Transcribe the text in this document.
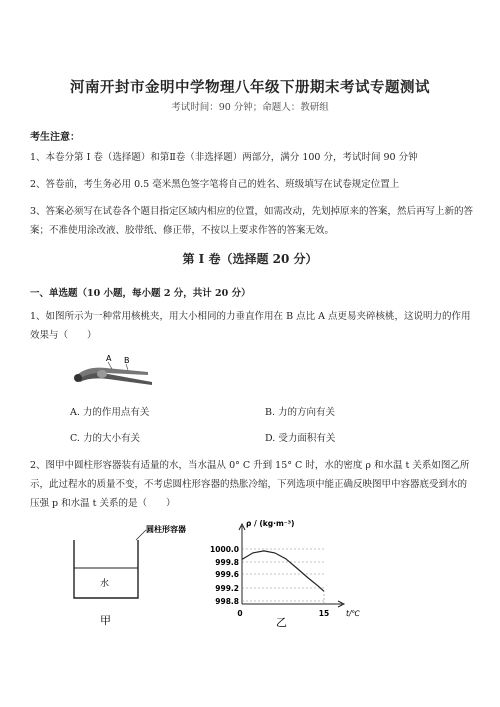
河南开封市金明中学物理八年级下册期末考试专题测试
考试时间：90 分钟；命题人：教研组
考生注意：
1、本卷分第 I 卷（选择题）和第Ⅱ卷（非选择题）两部分，满分 100 分，考试时间 90 分钟
2、答卷前，考生务必用 0.5 毫米黑色签字笔将自己的姓名、班级填写在试卷规定位置上
3、答案必须写在试卷各个题目指定区域内相应的位置，如需改动，先划掉原来的答案，然后再写上新的答案；不准使用涂改液、胶带纸、修正带，不按以上要求作答的答案无效。
第 I 卷（选择题 20 分）
一、单选题（10 小题，每小题 2 分，共计 20 分）
1、如图所示为一种常用核桃夹，用大小相同的力垂直作用在 B 点比 A 点更易夹碎核桃，这说明力的作用效果与（　　）
A B
A. 力的作用点有关	B. 力的方向有关
C. 力的大小有关	D. 受力面积有关
2、图甲中圆柱形容器装有适量的水，当水温从 0° C 升到 15° C 时，水的密度 ρ 和水温 t 关系如图乙所示，此过程水的质量不变，不考虑圆柱形容器的热胀冷缩，下列选项中能正确反映图甲中容器底受到水的压强 p 和水温 t 关系的是（　　）
圆柱形容器
水
甲
1000.0
999.8
999.6
999.2
998.8
0	15
ρ / (kg·m⁻³)
t/℃
乙
